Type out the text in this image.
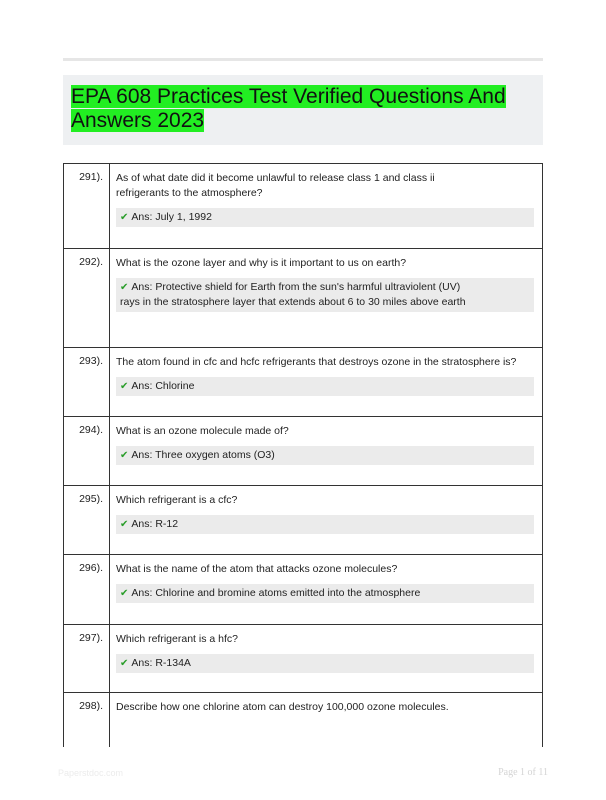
EPA 608 Practices Test Verified Questions And
Answers 2023
291).	As of what date did it become unlawful to release class 1 and class ii refrigerants to the atmosphere?
✔ Ans: July 1, 1992
292).	What is the ozone layer and why is it important to us on earth?
✔ Ans: Protective shield for Earth from the sun's harmful ultraviolent (UV) rays in the stratosphere layer that extends about 6 to 30 miles above earth
293).	The atom found in cfc and hcfc refrigerants that destroys ozone in the stratosphere is?
✔ Ans: Chlorine
294).	What is an ozone molecule made of?
✔ Ans: Three oxygen atoms (O3)
295).	Which refrigerant is a cfc?
✔ Ans: R-12
296).	What is the name of the atom that attacks ozone molecules?
✔ Ans: Chlorine and bromine atoms emitted into the atmosphere
297).	Which refrigerant is a hfc?
✔ Ans: R-134A
298).	Describe how one chlorine atom can destroy 100,000 ozone molecules.
Paperstdoc.com	Page 1 of 11
